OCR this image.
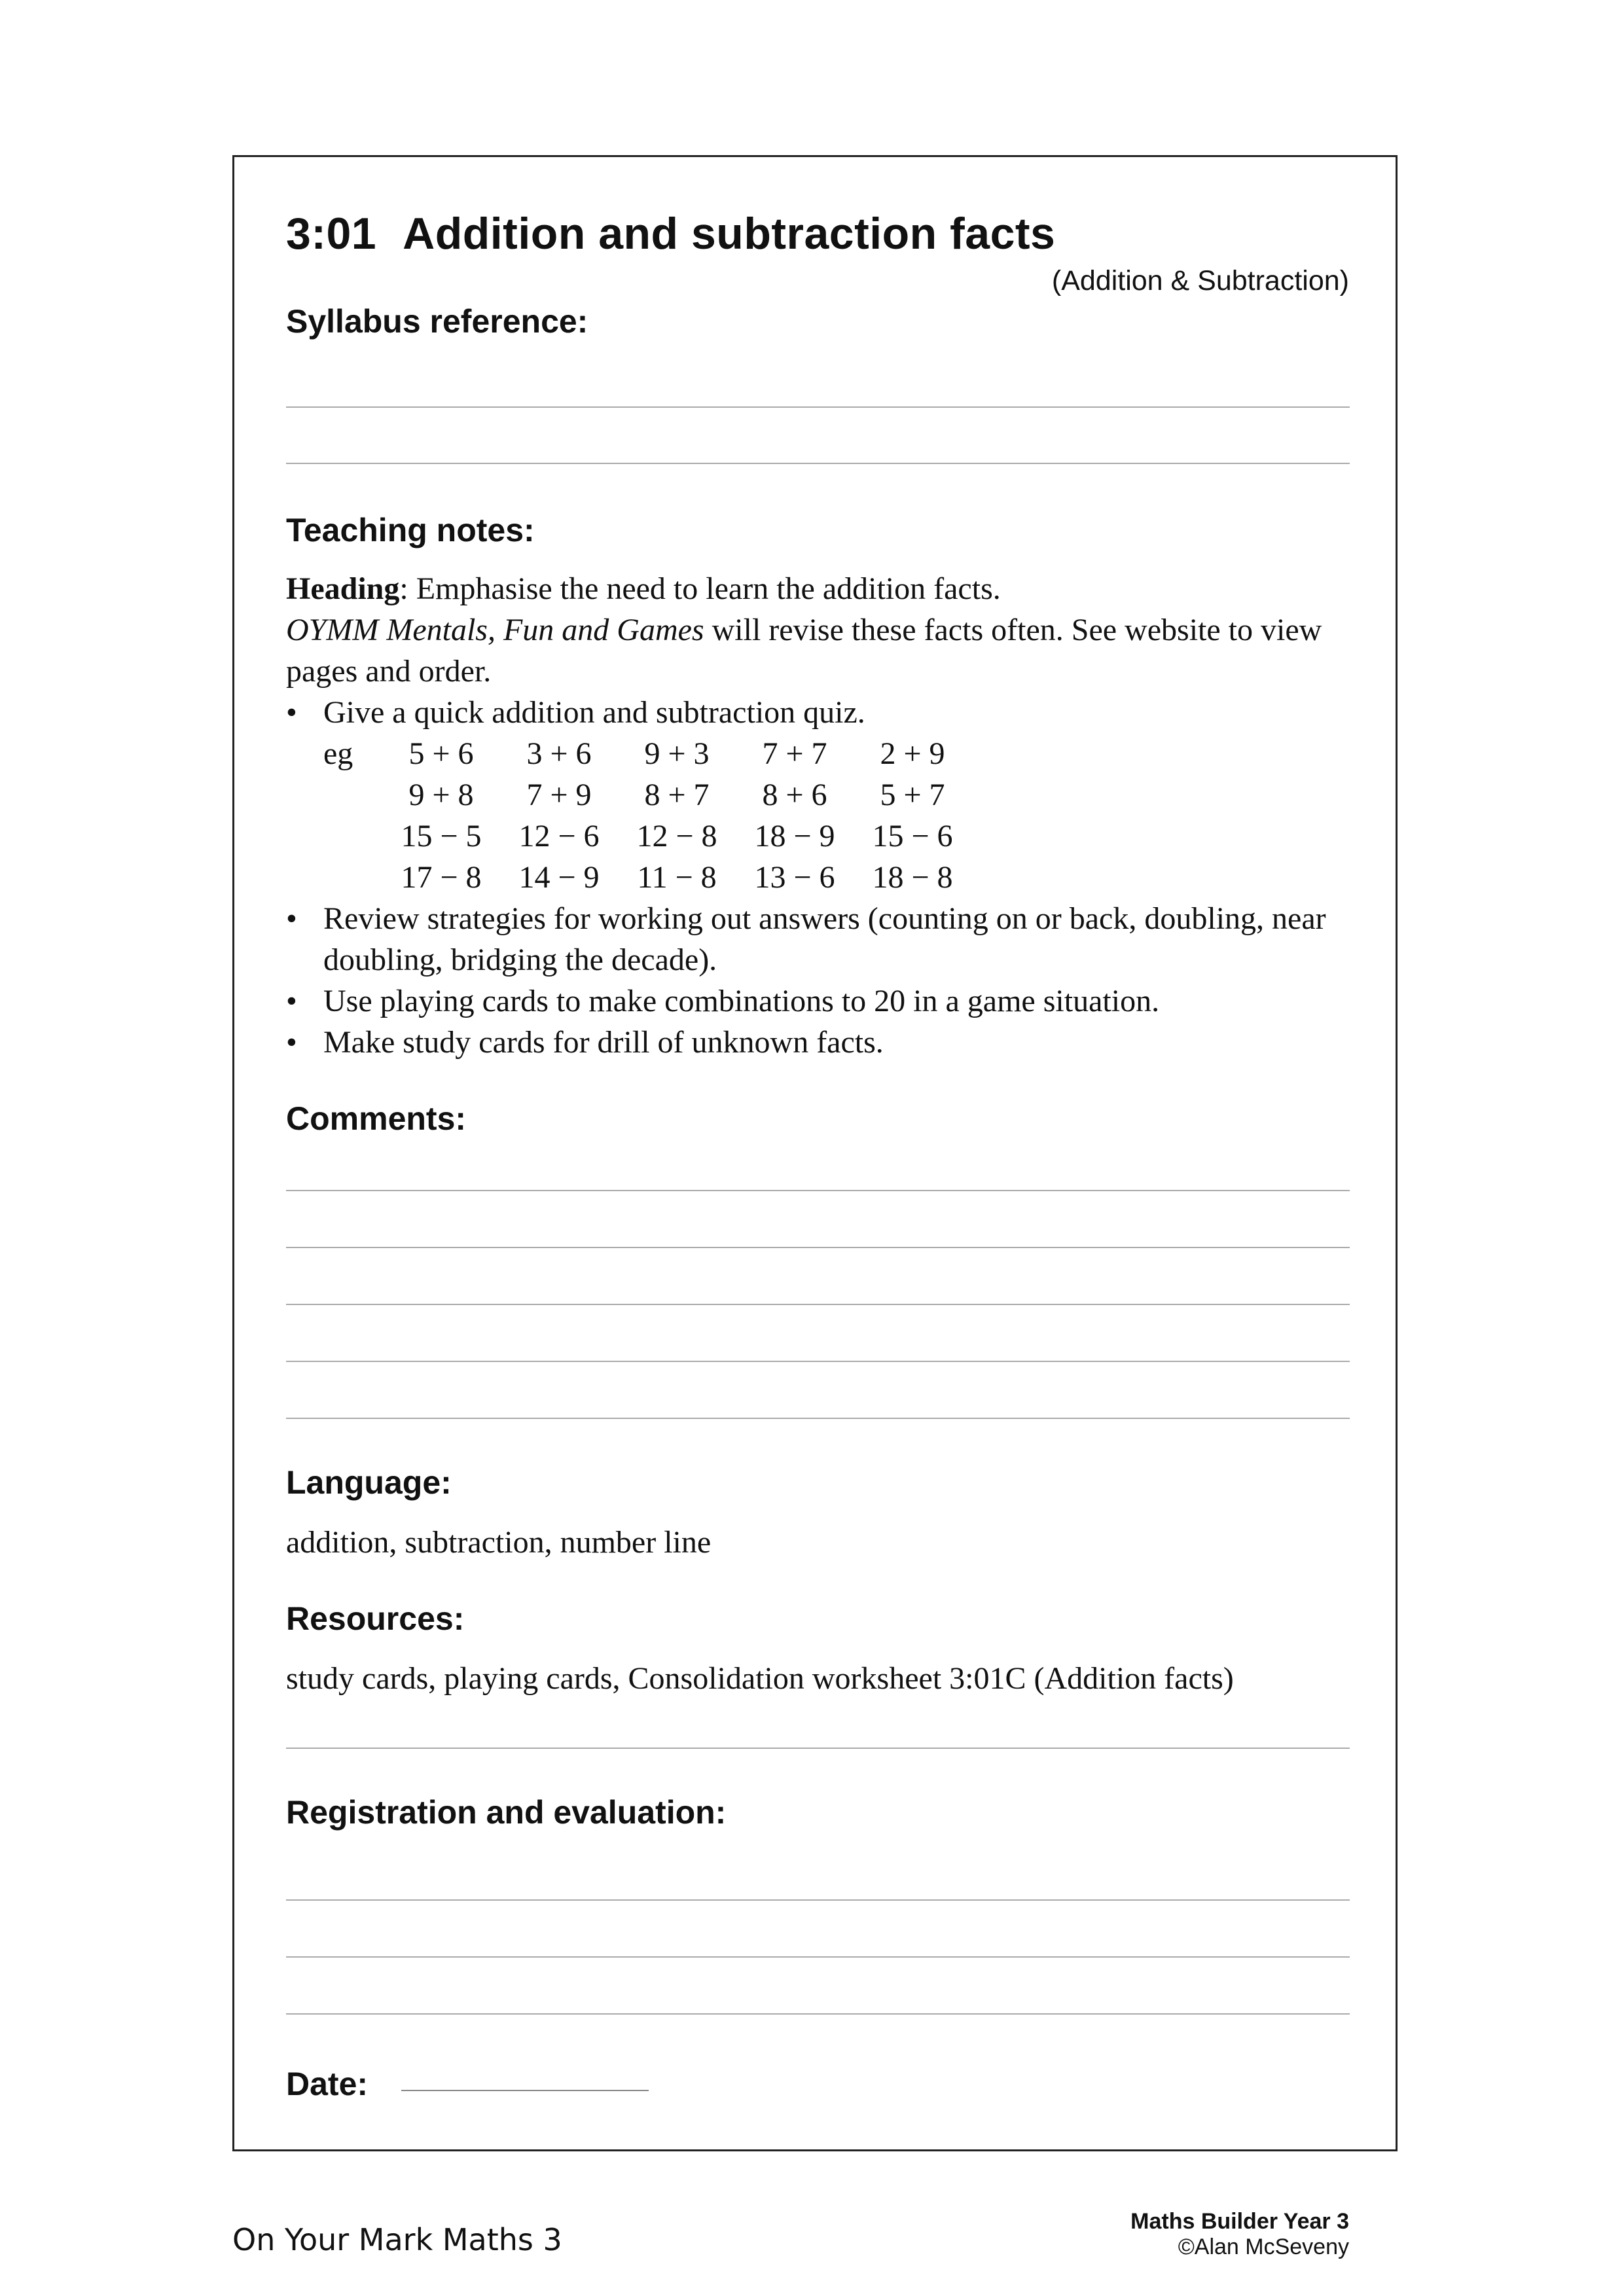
3:01 Addition and subtraction facts
(Addition & Subtraction)
Syllabus reference:
Teaching notes:

Heading: Emphasise the need to learn the addition facts.

OYMM Mentals, Fun and Games will revise these facts often. See website to view pages and order.

• Give a quick addition and subtraction quiz.
eg	5 + 6	3 + 6	9 + 3	7 + 7	2 + 9
	9 + 8	7 + 9	8 + 7	8 + 6	5 + 7
	15 − 5	12 − 6	12 − 8	18 − 9	15 − 6
	17 − 8	14 − 9	11 − 8	13 − 6	18 − 8
• Review strategies for working out answers (counting on or back, doubling, near doubling, bridging the decade).
• Use playing cards to make combinations to 20 in a game situation.
• Make study cards for drill of unknown facts.
Comments:
Language:
addition, subtraction, number line
Resources:
study cards, playing cards, Consolidation worksheet 3:01C (Addition facts)
Registration and evaluation:
Date:
On Your Mark Maths 3
Maths Builder Year 3
©Alan McSeveny
